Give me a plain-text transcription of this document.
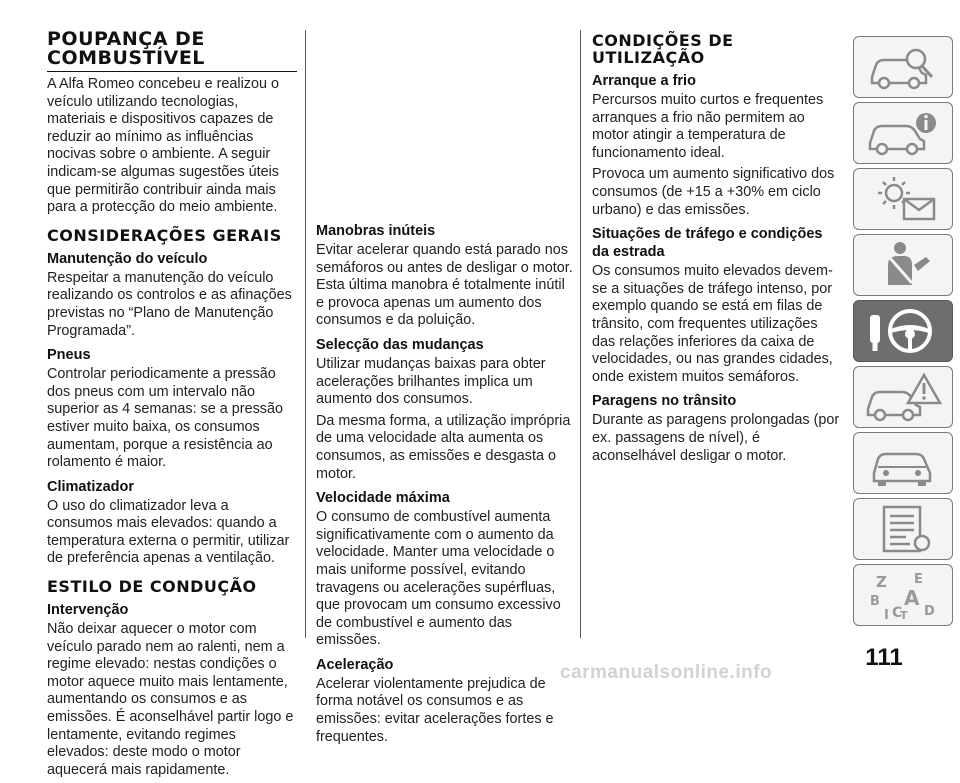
POUPANÇA DE COMBUSTÍVEL

A Alfa Romeo concebeu e realizou o veículo utilizando tecnologias, materiais e dispositivos capazes de reduzir ao mínimo as influências nocivas sobre o ambiente. A seguir indicam-se algumas sugestões úteis que permitirão contribuir ainda mais para a protecção do meio ambiente.

CONSIDERAÇÕES GERAIS
Manutenção do veículo

Respeitar a manutenção do veículo realizando os controlos e as afinações previstas no “Plano de Manutenção Programada”.

Pneus

Controlar periodicamente a pressão dos pneus com um intervalo não superior as 4 semanas: se a pressão estiver muito baixa, os consumos aumentam, porque a resistência ao rolamento é maior.

Climatizador

O uso do climatizador leva a consumos mais elevados: quando a temperatura externa o permitir, utilizar de preferência apenas a ventilação.

ESTILO DE CONDUÇÃO
Intervenção

Não deixar aquecer o motor com veículo parado nem ao ralenti, nem a regime elevado: nestas condições o motor aquece muito mais lentamente, aumentando os consumos e as emissões. É aconselhável partir logo e lentamente, evitando regimes elevados: deste modo o motor aquecerá mais rapidamente.

Manobras inúteis

Evitar acelerar quando está parado nos semáforos ou antes de desligar o motor. Esta última manobra é totalmente inútil e provoca apenas um aumento dos consumos e da poluição.

Selecção das mudanças

Utilizar mudanças baixas para obter acelerações brilhantes implica um aumento dos consumos.

Da mesma forma, a utilização imprópria de uma velocidade alta aumenta os consumos, as emissões e desgasta o motor.

Velocidade máxima

O consumo de combustível aumenta significativamente com o aumento da velocidade. Manter uma velocidade o mais uniforme possível, evitando travagens ou acelerações supérfluas, que provocam um consumo excessivo de combustível e aumento das emissões.

Aceleração

Acelerar violentamente prejudica de forma notável os consumos e as emissões: evitar acelerações fortes e frequentes.

CONDIÇÕES DE UTILIZAÇÃO
Arranque a frio

Percursos muito curtos e frequentes arranques a frio não permitem ao motor atingir a temperatura de funcionamento ideal.

Provoca um aumento significativo dos consumos (de +15 a +30% em ciclo urbano) e das emissões.

Situações de tráfego e condições da estrada

Os consumos muito elevados devem-se a situações de tráfego intenso, por exemplo quando se está em filas de trânsito, com frequentes utilizações das relações inferiores da caixa de velocidades, ou nas grandes cidades, onde existem muitos semáforos.

Paragens no trânsito

Durante as paragens prolongadas (por ex. passagens de nível), é aconselhável desligar o motor.

Z E
B A
I C
T D
111
carmanualsonline.info
